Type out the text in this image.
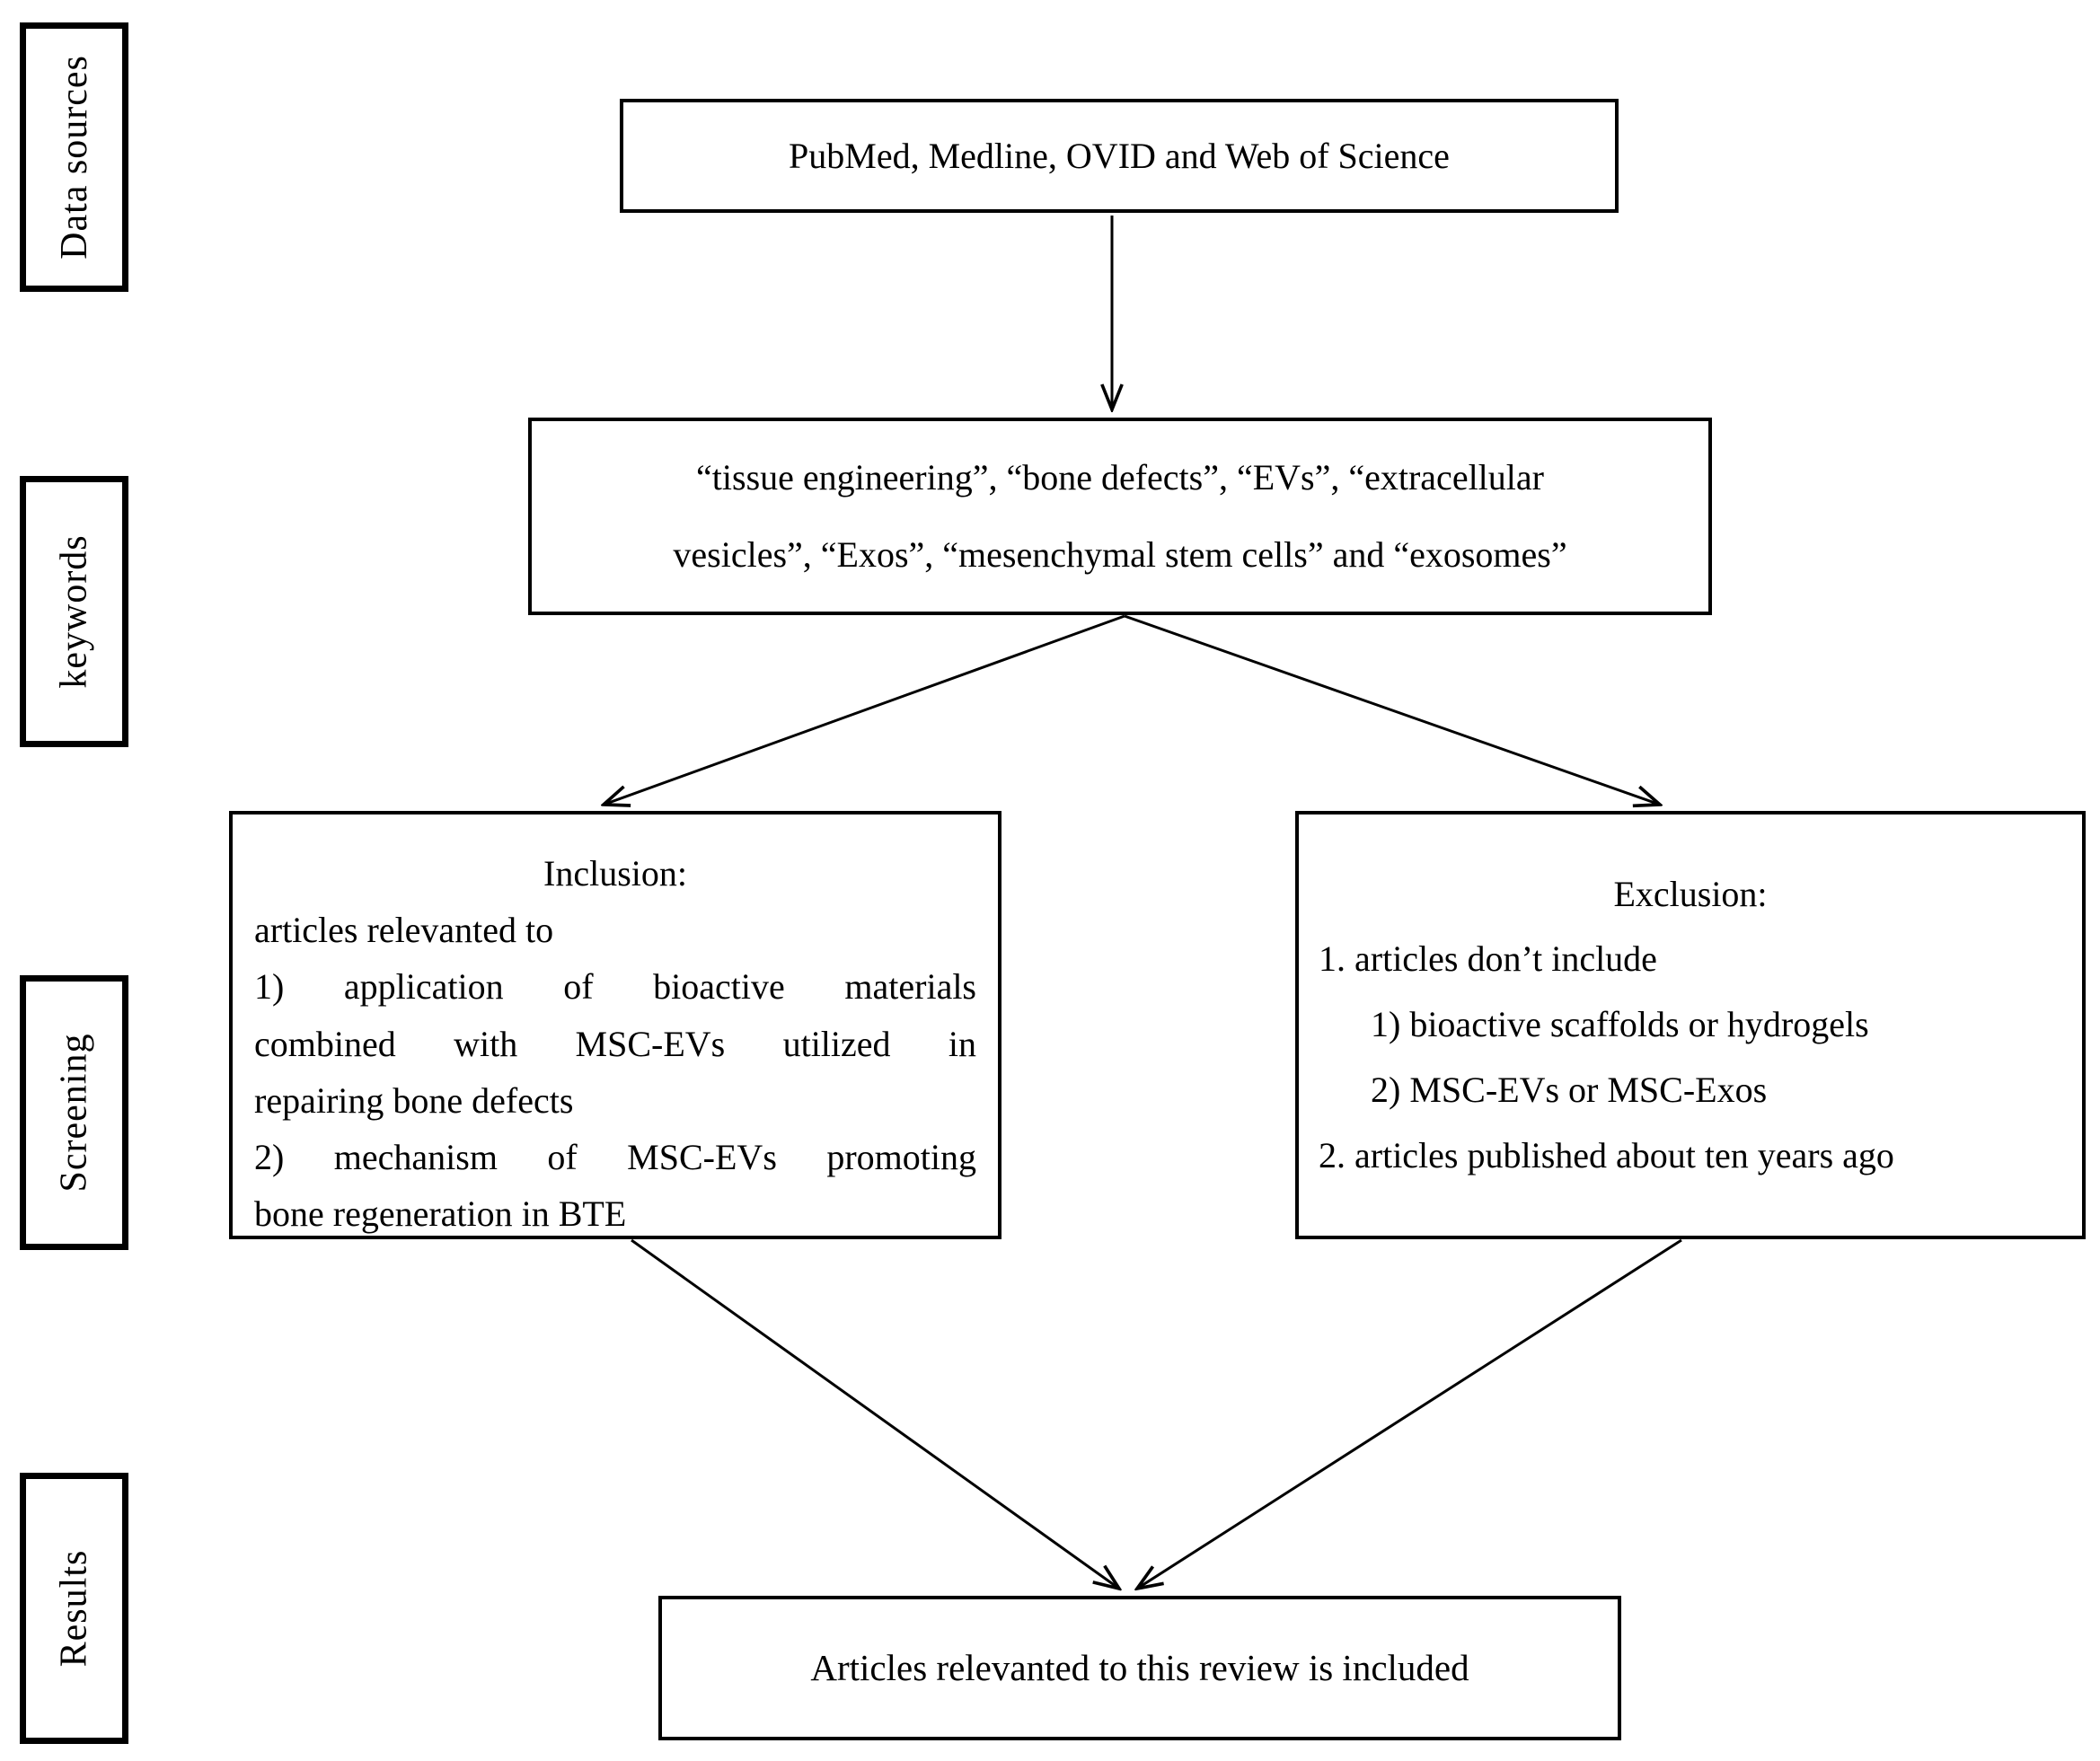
Data sources
keywords
Screening
Results
PubMed, Medline, OVID and Web of Science
“tissue engineering”, “bone defects”, “EVs”, “extracellular
vesicles”, “Exos”, “mesenchymal stem cells” and “exosomes”
Inclusion:
articles relevanted to
1) application of bioactive materials
combined with MSC-EVs utilized in
repairing bone defects
2) mechanism of MSC-EVs promoting
bone regeneration in BTE
Exclusion:
1. articles don’t include
1) bioactive scaffolds or hydrogels
2) MSC-EVs or MSC-Exos
2. articles published about ten years ago
Articles relevanted to this review is included
